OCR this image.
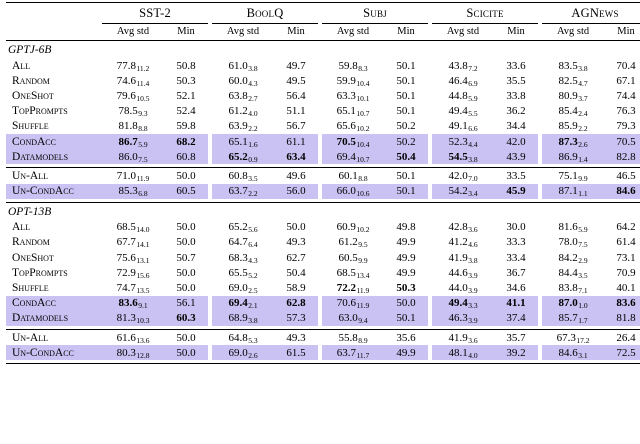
	SST-2			BoolQ			Subj			Scicite			AGNews	
	Avg std	Min		Avg std	Min		Avg std	Min		Avg std	Min		Avg std	Min
GPTJ-6B														
All	77.811.2	50.8		61.03.8	49.7		59.88.3	50.1		43.87.2	33.6		83.53.8	70.4
Random	74.611.4	50.3		60.04.3	49.5		59.910.4	50.1		46.46.9	35.5		82.54.7	67.1
OneShot	79.610.5	52.1		63.82.7	56.4		63.310.1	50.1		44.85.9	33.8		80.93.7	74.4
TopPrompts	78.59.3	52.4		61.24.0	51.1		65.110.7	50.1		49.45.5	36.2		85.42.4	76.3
Shuffle	81.88.8	59.8		63.92.2	56.7		65.610.2	50.2		49.16.6	34.4		85.92.2	79.3
CondAcc	86.75.9	68.2		65.11.6	61.1		70.510.4	50.2		52.34.4	42.0		87.32.6	70.5
Datamodels	86.07.5	60.8		65.20.9	63.4		69.410.7	50.4		54.53.8	43.9		86.91.4	82.8

Un-All	71.011.9	50.0		60.83.5	49.6		60.18.8	50.1		42.07.0	33.5		75.19.9	46.5
Un-CondAcc	85.36.8	60.5		63.72.2	56.0		66.010.6	50.1		54.23.4	45.9		87.11.1	84.6

OPT-13B														
All	68.514.0	50.0		65.25.6	50.0		60.910.2	49.8		42.83.6	30.0		81.65.9	64.2
Random	67.714.1	50.0		64.76.4	49.3		61.29.5	49.9		41.24.6	33.3		78.07.5	61.4
OneShot	75.613.1	50.7		68.34.3	62.7		60.59.9	49.9		41.93.8	33.4		84.22.9	73.1
TopPrompts	72.915.6	50.0		65.55.2	50.4		68.513.4	49.9		44.63.9	36.7		84.43.5	70.9
Shuffle	74.713.5	50.0		69.02.5	58.9		72.211.9	50.3		44.03.9	34.6		83.87.1	40.1
CondAcc	83.69.1	56.1		69.42.1	62.8		70.611.9	50.0		49.43.3	41.1		87.01.0	83.6
Datamodels	81.310.3	60.3		68.93.8	57.3		63.09.4	50.1		46.33.9	37.4		85.71.7	81.8

Un-All	61.613.6	50.0		64.85.3	49.3		55.88.9	35.6		41.93.6	35.7		67.317.2	26.4
Un-CondAcc	80.312.8	50.0		69.02.6	61.5		63.711.7	49.9		48.14.0	39.2		84.63.1	72.5
